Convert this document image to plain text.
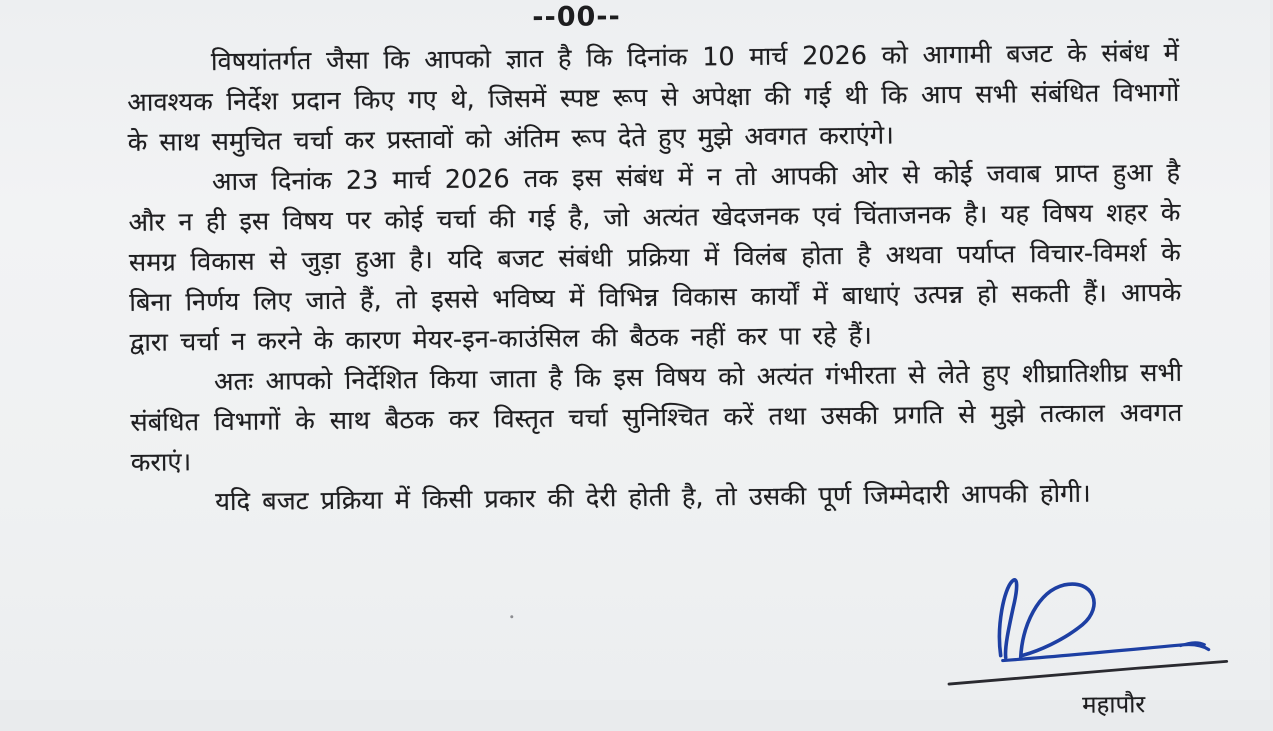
--00--

विषयांतर्गत जैसा कि आपको ज्ञात है कि दिनांक 10 मार्च 2026 को आगामी बजट के संबंध में आवश्यक निर्देश प्रदान किए गए थे, जिसमें स्पष्ट रूप से अपेक्षा की गई थी कि आप सभी संबंधित विभागों के साथ समुचित चर्चा कर प्रस्तावों को अंतिम रूप देते हुए मुझे अवगत कराएंगे।

आज दिनांक 23 मार्च 2026 तक इस संबंध में न तो आपकी ओर से कोई जवाब प्राप्त हुआ है और न ही इस विषय पर कोई चर्चा की गई है, जो अत्यंत खेदजनक एवं चिंताजनक है। यह विषय शहर के समग्र विकास से जुड़ा हुआ है। यदि बजट संबंधी प्रक्रिया में विलंब होता है अथवा पर्याप्त विचार-विमर्श के बिना निर्णय लिए जाते हैं, तो इससे भविष्य में विभिन्न विकास कार्यों में बाधाएं उत्पन्न हो सकती हैं। आपके द्वारा चर्चा न करने के कारण मेयर-इन-काउंसिल की बैठक नहीं कर पा रहे हैं।

अतः आपको निर्देशित किया जाता है कि इस विषय को अत्यंत गंभीरता से लेते हुए शीघ्रातिशीघ्र सभी संबंधित विभागों के साथ बैठक कर विस्तृत चर्चा सुनिश्चित करें तथा उसकी प्रगति से मुझे तत्काल अवगत कराएं।

यदि बजट प्रक्रिया में किसी प्रकार की देरी होती है, तो उसकी पूर्ण जिम्मेदारी आपकी होगी।

महापौर
